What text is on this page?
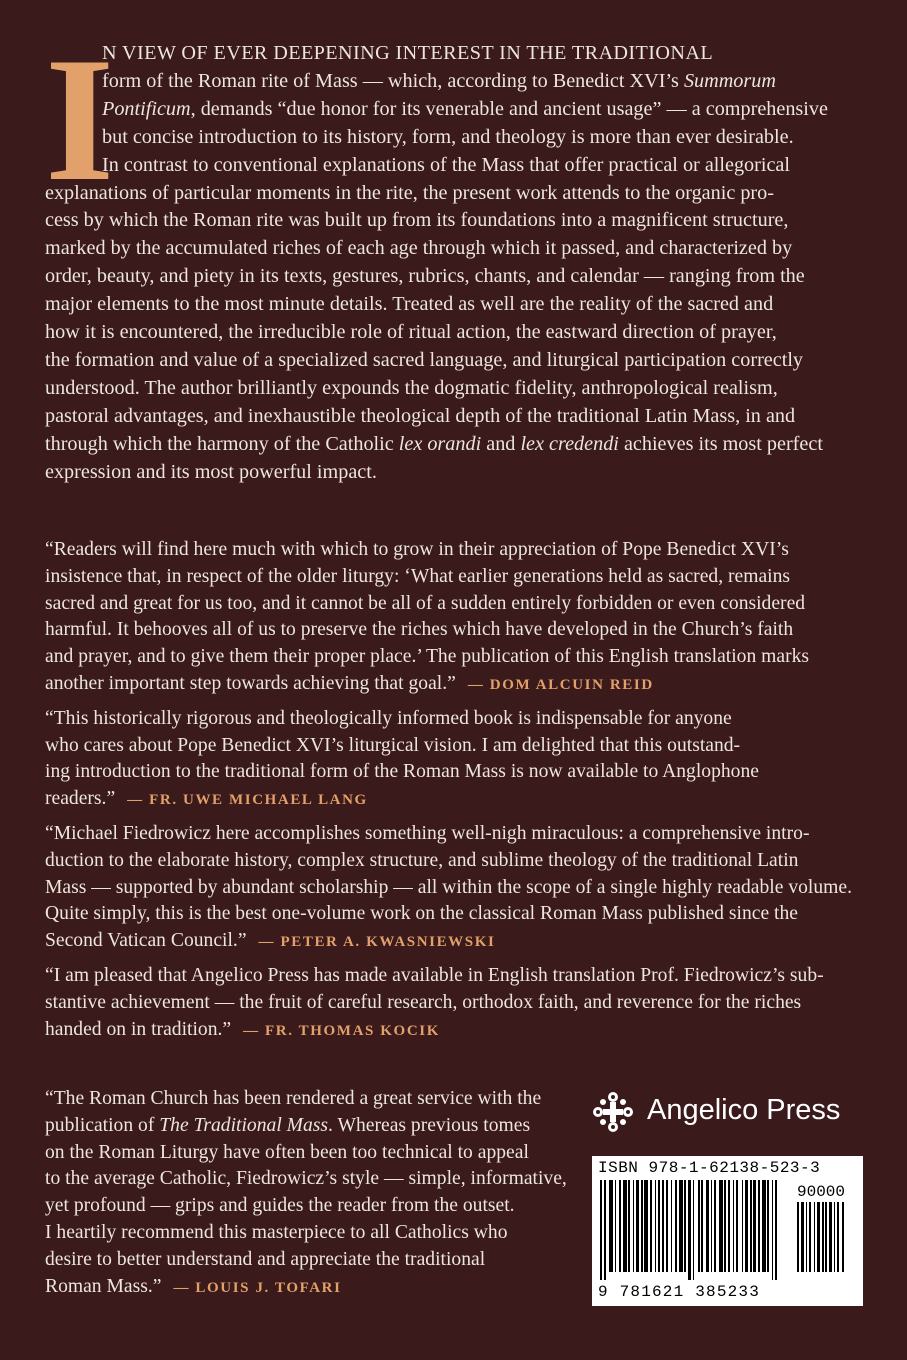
I
N VIEW OF EVER DEEPENING INTEREST IN THE TRADITIONAL
form of the Roman rite of Mass — which, according to Benedict XVI’s Summorum
Pontificum, demands “due honor for its venerable and ancient usage” — a comprehensive
but concise introduction to its history, form, and theology is more than ever desirable.
In contrast to conventional explanations of the Mass that offer practical or allegorical
explanations of particular moments in the rite, the present work attends to the organic pro-
cess by which the Roman rite was built up from its foundations into a magnificent structure,
marked by the accumulated riches of each age through which it passed, and characterized by
order, beauty, and piety in its texts, gestures, rubrics, chants, and calendar — ranging from the
major elements to the most minute details. Treated as well are the reality of the sacred and
how it is encountered, the irreducible role of ritual action, the eastward direction of prayer,
the formation and value of a specialized sacred language, and liturgical participation correctly
understood. The author brilliantly expounds the dogmatic fidelity, anthropological realism,
pastoral advantages, and inexhaustible theological depth of the traditional Latin Mass, in and
through which the harmony of the Catholic lex orandi and lex credendi achieves its most perfect
expression and its most powerful impact.
“Readers will find here much with which to grow in their appreciation of Pope Benedict XVI’s
insistence that, in respect of the older liturgy: ‘What earlier generations held as sacred, remains
sacred and great for us too, and it cannot be all of a sudden entirely forbidden or even considered
harmful. It behooves all of us to preserve the riches which have developed in the Church’s faith
and prayer, and to give them their proper place.’ The publication of this English translation marks
another important step towards achieving that goal.” — DOM ALCUIN REID
“This historically rigorous and theologically informed book is indispensable for anyone
who cares about Pope Benedict XVI’s liturgical vision. I am delighted that this outstand-
ing introduction to the traditional form of the Roman Mass is now available to Anglophone
readers.” — FR. UWE MICHAEL LANG
“Michael Fiedrowicz here accomplishes something well-nigh miraculous: a comprehensive intro-
duction to the elaborate history, complex structure, and sublime theology of the traditional Latin
Mass — supported by abundant scholarship — all within the scope of a single highly readable volume.
Quite simply, this is the best one-volume work on the classical Roman Mass published since the
Second Vatican Council.” — PETER A. KWASNIEWSKI
“I am pleased that Angelico Press has made available in English translation Prof. Fiedrowicz’s sub-
stantive achievement — the fruit of careful research, orthodox faith, and reverence for the riches
handed on in tradition.” — FR. THOMAS KOCIK
“The Roman Church has been rendered a great service with the
publication of The Traditional Mass. Whereas previous tomes
on the Roman Liturgy have often been too technical to appeal
to the average Catholic, Fiedrowicz’s style — simple, informative,
yet profound — grips and guides the reader from the outset.
I heartily recommend this masterpiece to all Catholics who
desire to better understand and appreciate the traditional
Roman Mass.” — LOUIS J. TOFARI
Angelico Press
ISBN 978-1-62138-523-3
90000
9 781621 385233
